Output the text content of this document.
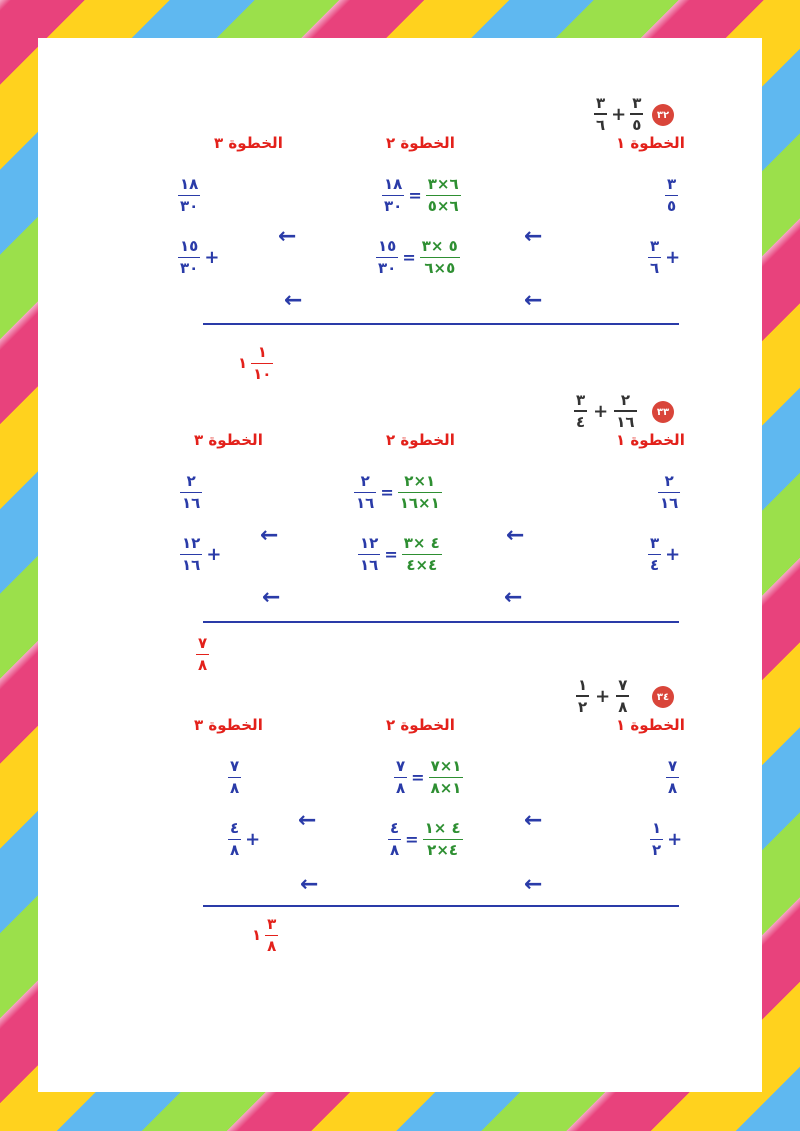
٣٢
$\frac{٣}{٦} + \frac{٣}{٥}$
الخطوة ١
الخطوة ٢
الخطوة ٣
$\frac{٣}{٥}$
←
$\frac{١٨}{٣٠} = \frac{٦\times ٣}{٦\times ٥}$
←
$\frac{١٨}{٣٠}$
$\frac{٣}{٦}$ +
←
$\frac{١٥}{٣٠} = \frac{٥ \times ٣}{٥\times ٦}$
←
$\frac{١٥}{٣٠}$ +
١ $\frac{١}{١٠}$
٣٣
$\frac{٣}{٤} + \frac{٢}{١٦}$
الخطوة ١
الخطوة ٢
الخطوة ٣
$\frac{٢}{١٦}$
←
$\frac{٢}{١٦} = \frac{١\times ٢}{١\times ١٦}$
←
$\frac{٢}{١٦}$
$\frac{٣}{٤}$ +
←
$\frac{١٢}{١٦} = \frac{٤ \times ٣}{٤\times ٤}$
←
$\frac{١٢}{١٦}$ +
$\frac{٧}{٨}$
٣٤
$\frac{١}{٢} + \frac{٧}{٨}$
الخطوة ١
الخطوة ٢
الخطوة ٣
$\frac{٧}{٨}$
←
$\frac{٧}{٨} = \frac{١\times ٧}{١\times ٨}$
←
$\frac{٧}{٨}$
$\frac{١}{٢}$ +
←
$\frac{٤}{٨} = \frac{٤ \times ١}{٤\times ٢}$
←
$\frac{٤}{٨}$ +
١ $\frac{٣}{٨}$
